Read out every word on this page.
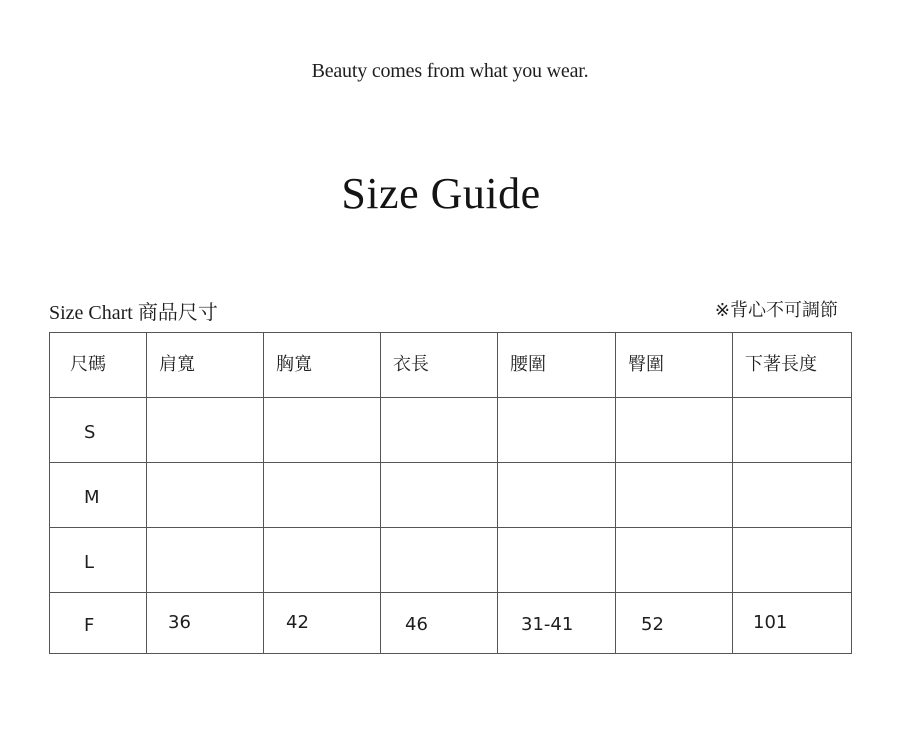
Beauty comes from what you wear.
Size Guide
Size Chart 商品尺寸	※背心不可調節
尺碼	肩寬	胸寬	衣長	腰圍	臀圍	下著長度
S						
M						
L						
F	36	42	46	31-41	52	101
